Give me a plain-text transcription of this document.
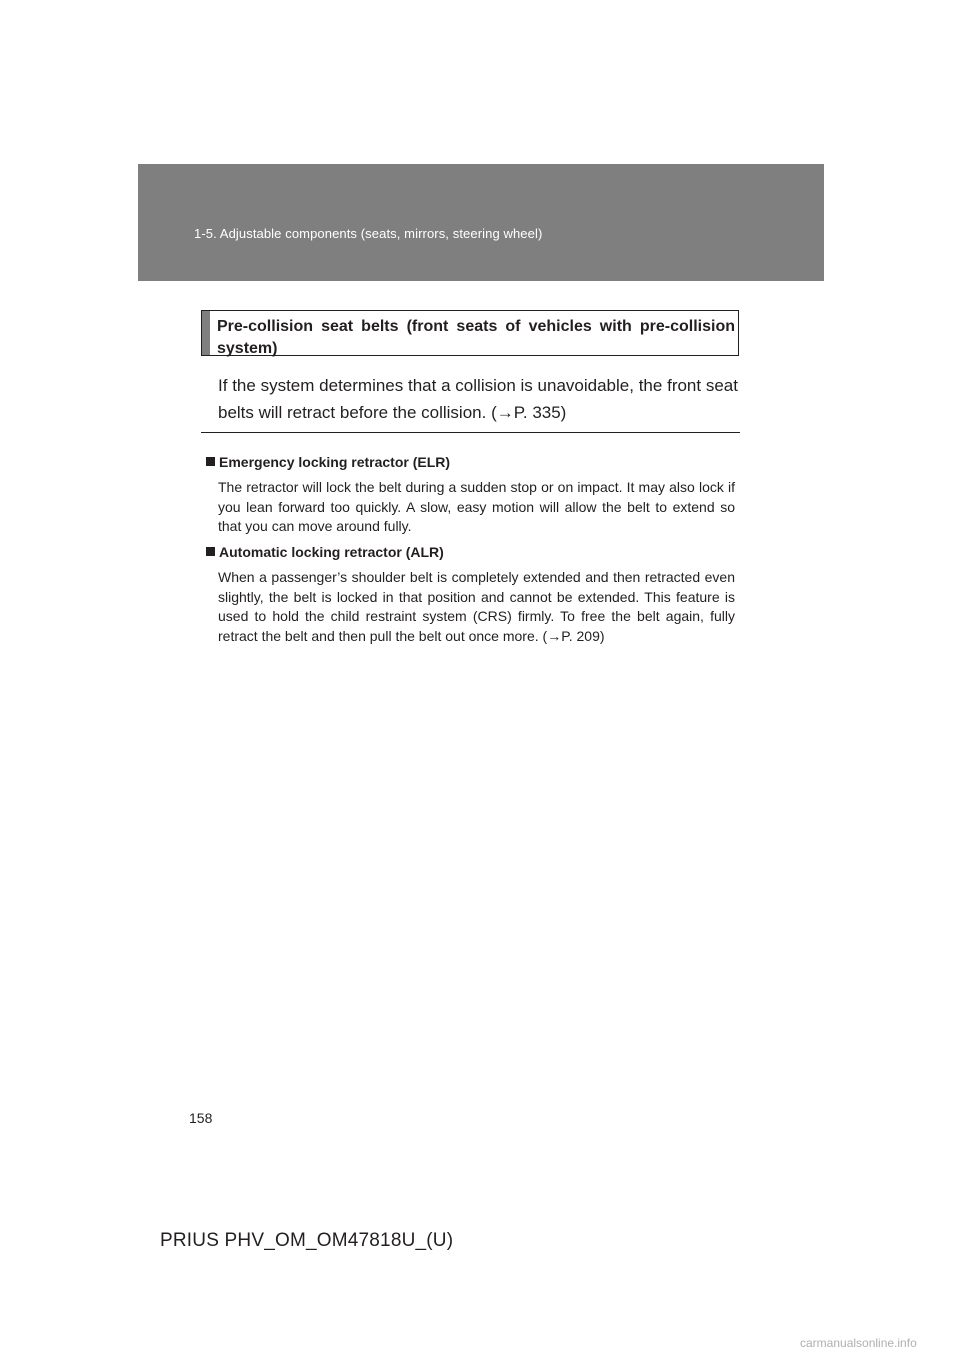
1-5. Adjustable components (seats, mirrors, steering wheel)
Pre-collision seat belts (front seats of vehicles with pre-collision system)
If the system determines that a collision is unavoidable, the front seat belts will retract before the collision. (→P. 335)
Emergency locking retractor (ELR)
The retractor will lock the belt during a sudden stop or on impact. It may also lock if you lean forward too quickly. A slow, easy motion will allow the belt to extend so that you can move around fully.
Automatic locking retractor (ALR)
When a passenger’s shoulder belt is completely extended and then retracted even slightly, the belt is locked in that position and cannot be extended. This feature is used to hold the child restraint system (CRS) firmly. To free the belt again, fully retract the belt and then pull the belt out once more. (→P. 209)
158
PRIUS PHV_OM_OM47818U_(U)
carmanualsonline.info
